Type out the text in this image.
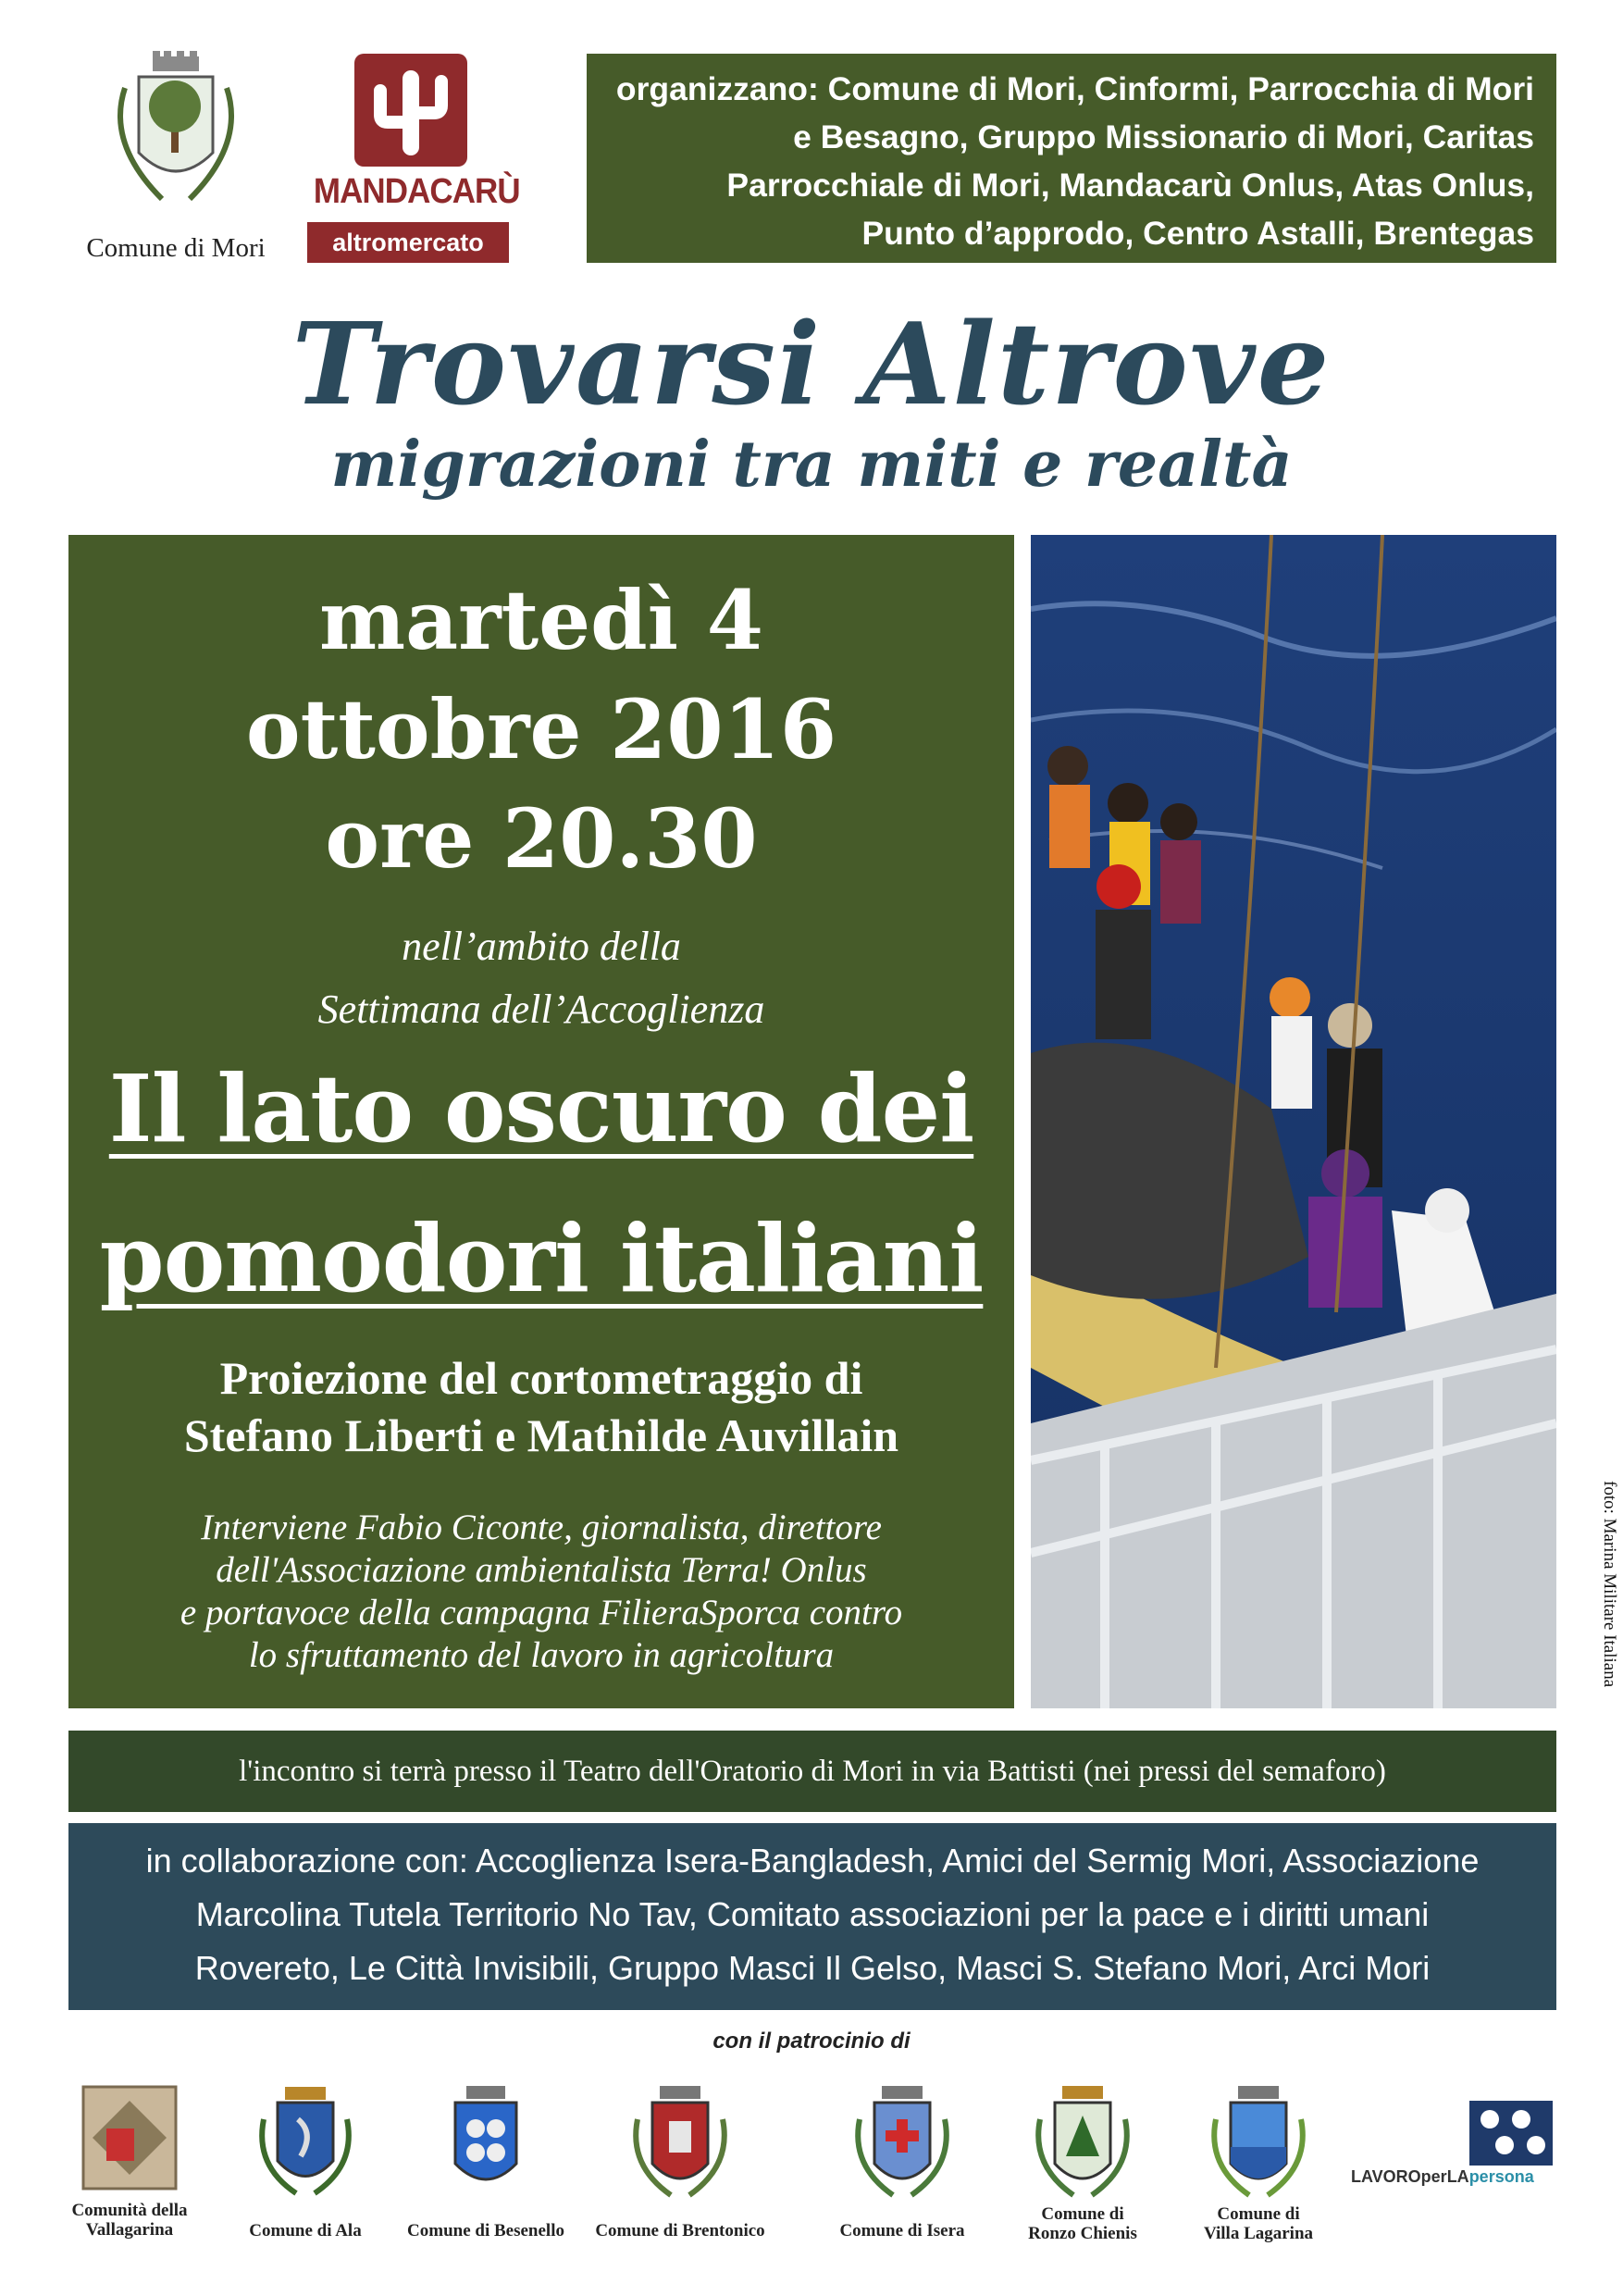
Comune di Mori
MANDACARÙ
altromercato
organizzano: Comune di Mori, Cinformi, Parrocchia di Mori
e Besagno, Gruppo Missionario di Mori, Caritas
Parrocchiale di Mori, Mandacarù Onlus, Atas Onlus,
Punto d’approdo, Centro Astalli, Brentegas
Trovarsi Altrove
migrazioni tra miti e realtà
martedì 4
ottobre 2016
ore 20.30
nell’ambito della
Settimana dell’Accoglienza
Il lato oscuro dei
pomodori italiani
Proiezione del cortometraggio di
Stefano Liberti e Mathilde Auvillain
Interviene Fabio Ciconte, giornalista, direttore
dell'Associazione ambientalista Terra! Onlus
e portavoce della campagna FilieraSporca contro
lo sfruttamento del lavoro in agricoltura	foto: Marina Militare Italiana
l'incontro si terrà presso il Teatro dell'Oratorio di Mori in via Battisti (nei pressi del semaforo)
in collaborazione con: Accoglienza Isera-Bangladesh, Amici del Sermig Mori, Associazione
Marcolina Tutela Territorio No Tav, Comitato associazioni per la pace e i diritti umani
Rovereto, Le Città Invisibili, Gruppo Masci Il Gelso, Masci S. Stefano Mori, Arci Mori
con il patrocinio di
Comunità della
Vallagarina	Comune di Ala	Comune di Besenello	Comune di Brentonico	Comune di Isera
Comune di
Ronzo Chienis
Comune di
Villa Lagarina
LAVOROperLApersona
